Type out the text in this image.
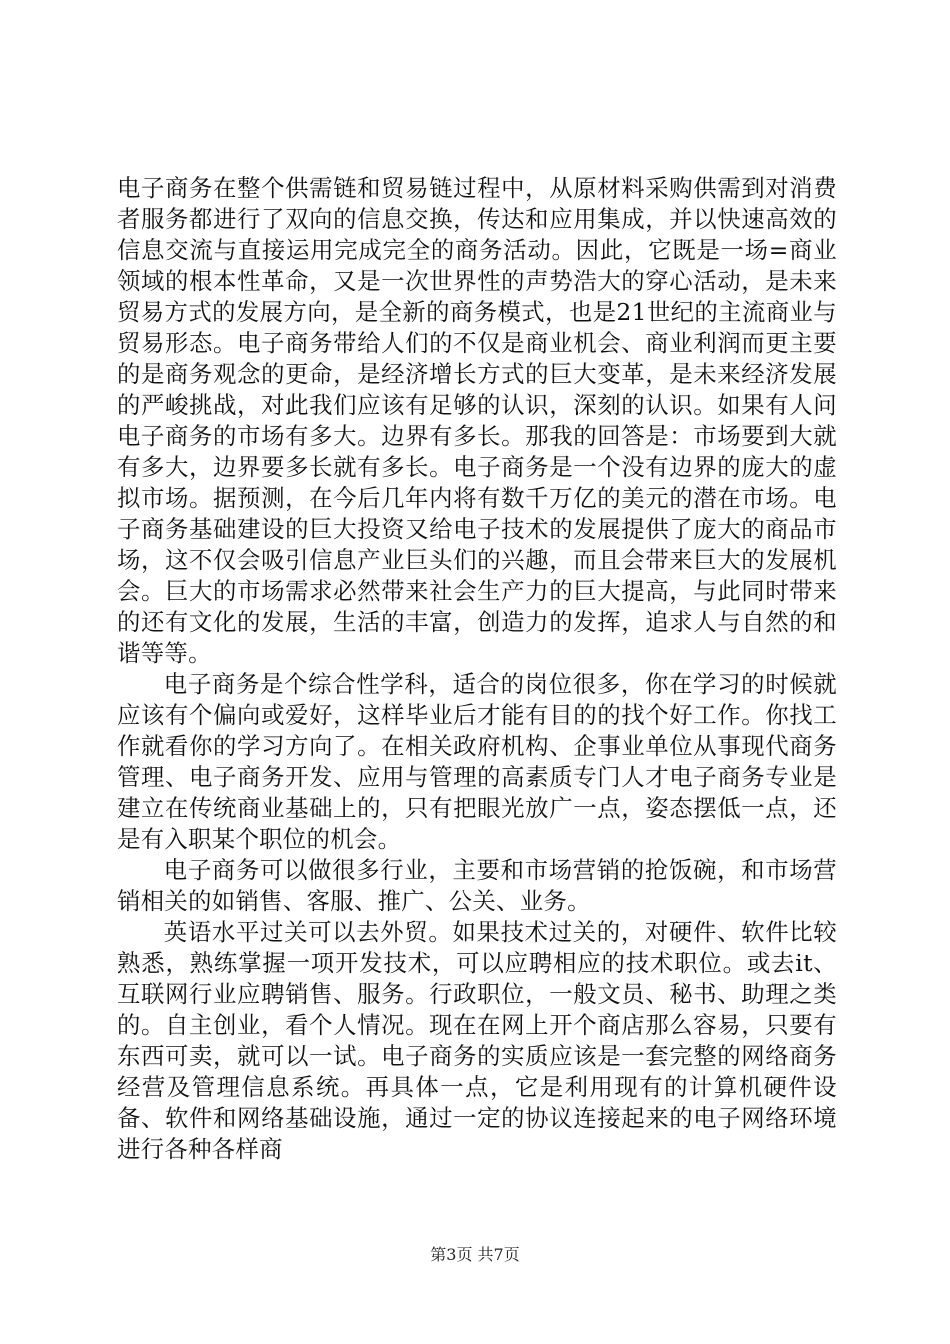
电子商务在整个供需链和贸易链过程中，从原材料采购供需到对消费者服务都进行了双向的信息交换，传达和应用集成，并以快速高效的信息交流与直接运用完成完全的商务活动。因此，它既是一场=商业领域的根本性革命，又是一次世界性的声势浩大的穿心活动，是未来贸易方式的发展方向，是全新的商务模式，也是21世纪的主流商业与贸易形态。电子商务带给人们的不仅是商业机会、商业利润而更主要的是商务观念的更命，是经济增长方式的巨大变革，是未来经济发展的严峻挑战，对此我们应该有足够的认识，深刻的认识。如果有人问电子商务的市场有多大。边界有多长。那我的回答是：市场要到大就有多大，边界要多长就有多长。电子商务是一个没有边界的庞大的虚拟市场。据预测，在今后几年内将有数千万亿的美元的潜在市场。电子商务基础建设的巨大投资又给电子技术的发展提供了庞大的商品市场，这不仅会吸引信息产业巨头们的兴趣，而且会带来巨大的发展机会。巨大的市场需求必然带来社会生产力的巨大提高，与此同时带来的还有文化的发展，生活的丰富，创造力的发挥，追求人与自然的和谐等等。

电子商务是个综合性学科，适合的岗位很多，你在学习的时候就应该有个偏向或爱好，这样毕业后才能有目的的找个好工作。你找工作就看你的学习方向了。在相关政府机构、企事业单位从事现代商务管理、电子商务开发、应用与管理的高素质专门人才电子商务专业是建立在传统商业基础上的，只有把眼光放广一点，姿态摆低一点，还是有入职某个职位的机会。

电子商务可以做很多行业，主要和市场营销的抢饭碗，和市场营销相关的如销售、客服、推广、公关、业务。

英语水平过关可以去外贸。如果技术过关的，对硬件、软件比较熟悉，熟练掌握一项开发技术，可以应聘相应的技术职位。或去it、互联网行业应聘销售、服务。行政职位，一般文员、秘书、助理之类的。自主创业，看个人情况。现在在网上开个商店那么容易，只要有东西可卖，就可以一试。电子商务的实质应该是一套完整的网络商务经营及管理信息系统。再具体一点，它是利用现有的计算机硬件设备、软件和网络基础设施，通过一定的协议连接起来的电子网络环境进行各种各样商

第3页 共7页
